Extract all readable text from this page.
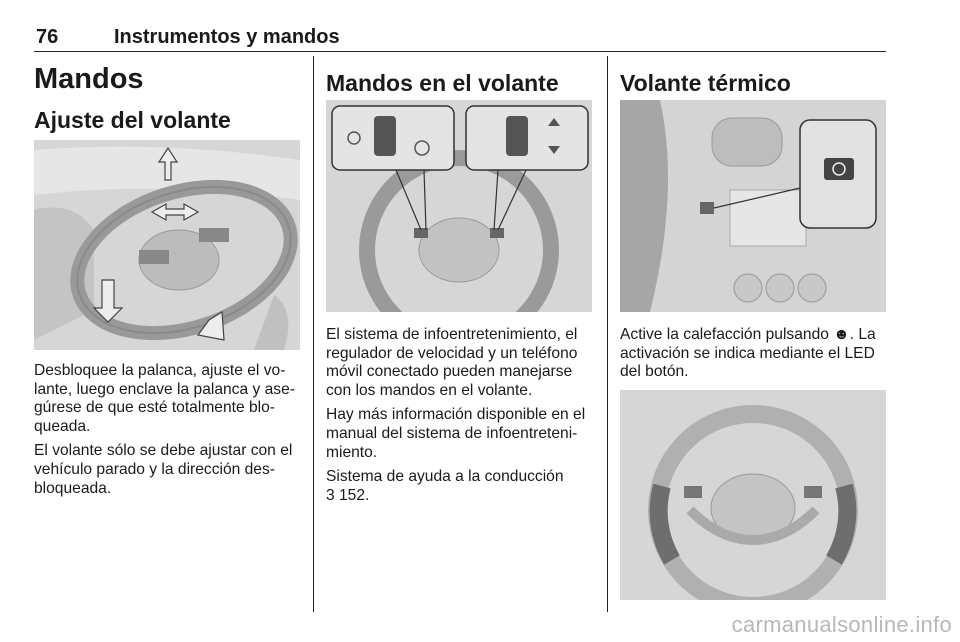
76	Instrumentos y mandos
Mandos
Ajuste del volante

Desbloquee la palanca, ajuste el vo-

lante, luego enclave la palanca y ase-

gúrese de que esté totalmente blo-

queada.

El volante sólo se debe ajustar con el

vehículo parado y la dirección des-

bloqueada.

Mandos en el volante

El sistema de infoentretenimiento, el

regulador de velocidad y un teléfono

móvil conectado pueden manejarse

con los mandos en el volante.

Hay más información disponible en el

manual del sistema de infoentreteni-

miento.

Sistema de ayuda a la conducción

3 152.

Volante térmico

Active la calefacción pulsando ☻. La

activación se indica mediante el LED

del botón.

carmanualsonline.info
